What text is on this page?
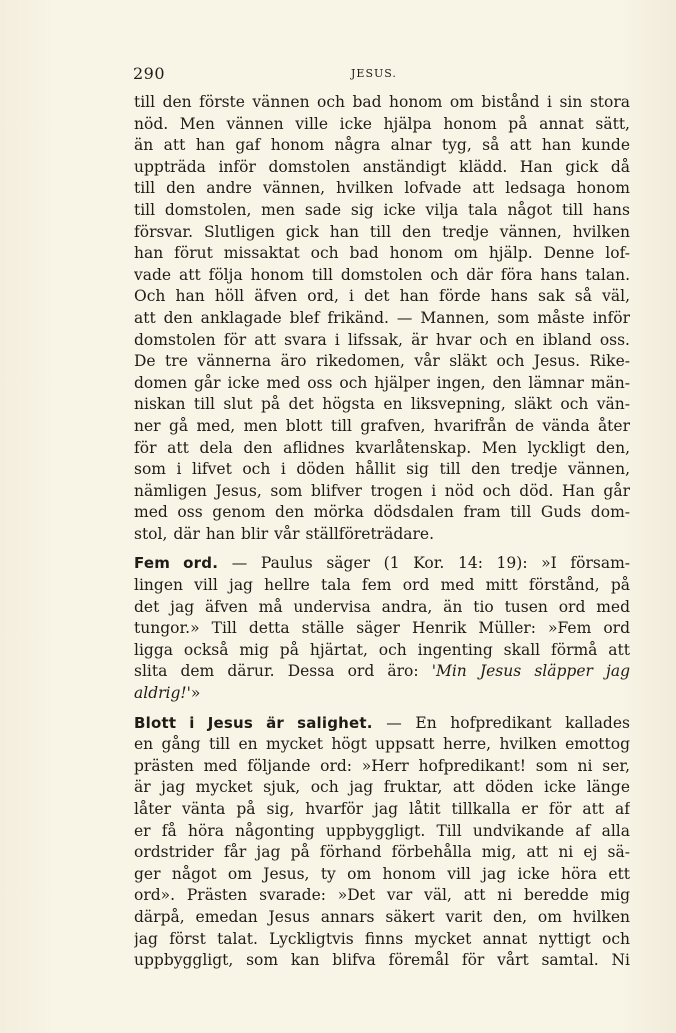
290	JESUS.
till den förste vännen och bad honom om bistånd i sin stora
nöd. Men vännen ville icke hjälpa honom på annat sätt,
än att han gaf honom några alnar tyg, så att han kunde
uppträda inför domstolen anständigt klädd. Han gick då
till den andre vännen, hvilken lofvade att ledsaga honom
till domstolen, men sade sig icke vilja tala något till hans
försvar. Slutligen gick han till den tredje vännen, hvilken
han förut missaktat och bad honom om hjälp. Denne lof-
vade att följa honom till domstolen och där föra hans talan.
Och han höll äfven ord, i det han förde hans sak så väl,
att den anklagade blef frikänd. — Mannen, som måste inför
domstolen för att svara i lifssak, är hvar och en ibland oss.
De tre vännerna äro rikedomen, vår släkt och Jesus. Rike-
domen går icke med oss och hjälper ingen, den lämnar män-
niskan till slut på det högsta en liksvepning, släkt och vän-
ner gå med, men blott till grafven, hvarifrån de vända åter
för att dela den aflidnes kvarlåtenskap. Men lyckligt den,
som i lifvet och i döden hållit sig till den tredje vännen,
nämligen Jesus, som blifver trogen i nöd och död. Han går
med oss genom den mörka dödsdalen fram till Guds dom-
stol, där han blir vår ställföreträdare.
Fem ord. — Paulus säger (1 Kor. 14: 19): »I försam-
lingen vill jag hellre tala fem ord med mitt förstånd, på
det jag äfven må undervisa andra, än tio tusen ord med
tungor.» Till detta ställe säger Henrik Müller: »Fem ord
ligga också mig på hjärtat, och ingenting skall förmå att
slita dem därur. Dessa ord äro: 'Min Jesus släpper jag
aldrig!'»
Blott i Jesus är salighet. — En hofpredikant kallades
en gång till en mycket högt uppsatt herre, hvilken emottog
prästen med följande ord: »Herr hofpredikant! som ni ser,
är jag mycket sjuk, och jag fruktar, att döden icke länge
låter vänta på sig, hvarför jag låtit tillkalla er för att af
er få höra någonting uppbyggligt. Till undvikande af alla
ordstrider får jag på förhand förbehålla mig, att ni ej sä-
ger något om Jesus, ty om honom vill jag icke höra ett
ord». Prästen svarade: »Det var väl, att ni beredde mig
därpå, emedan Jesus annars säkert varit den, om hvilken
jag först talat. Lyckligtvis finns mycket annat nyttigt och
uppbyggligt, som kan blifva föremål för vårt samtal. Ni
